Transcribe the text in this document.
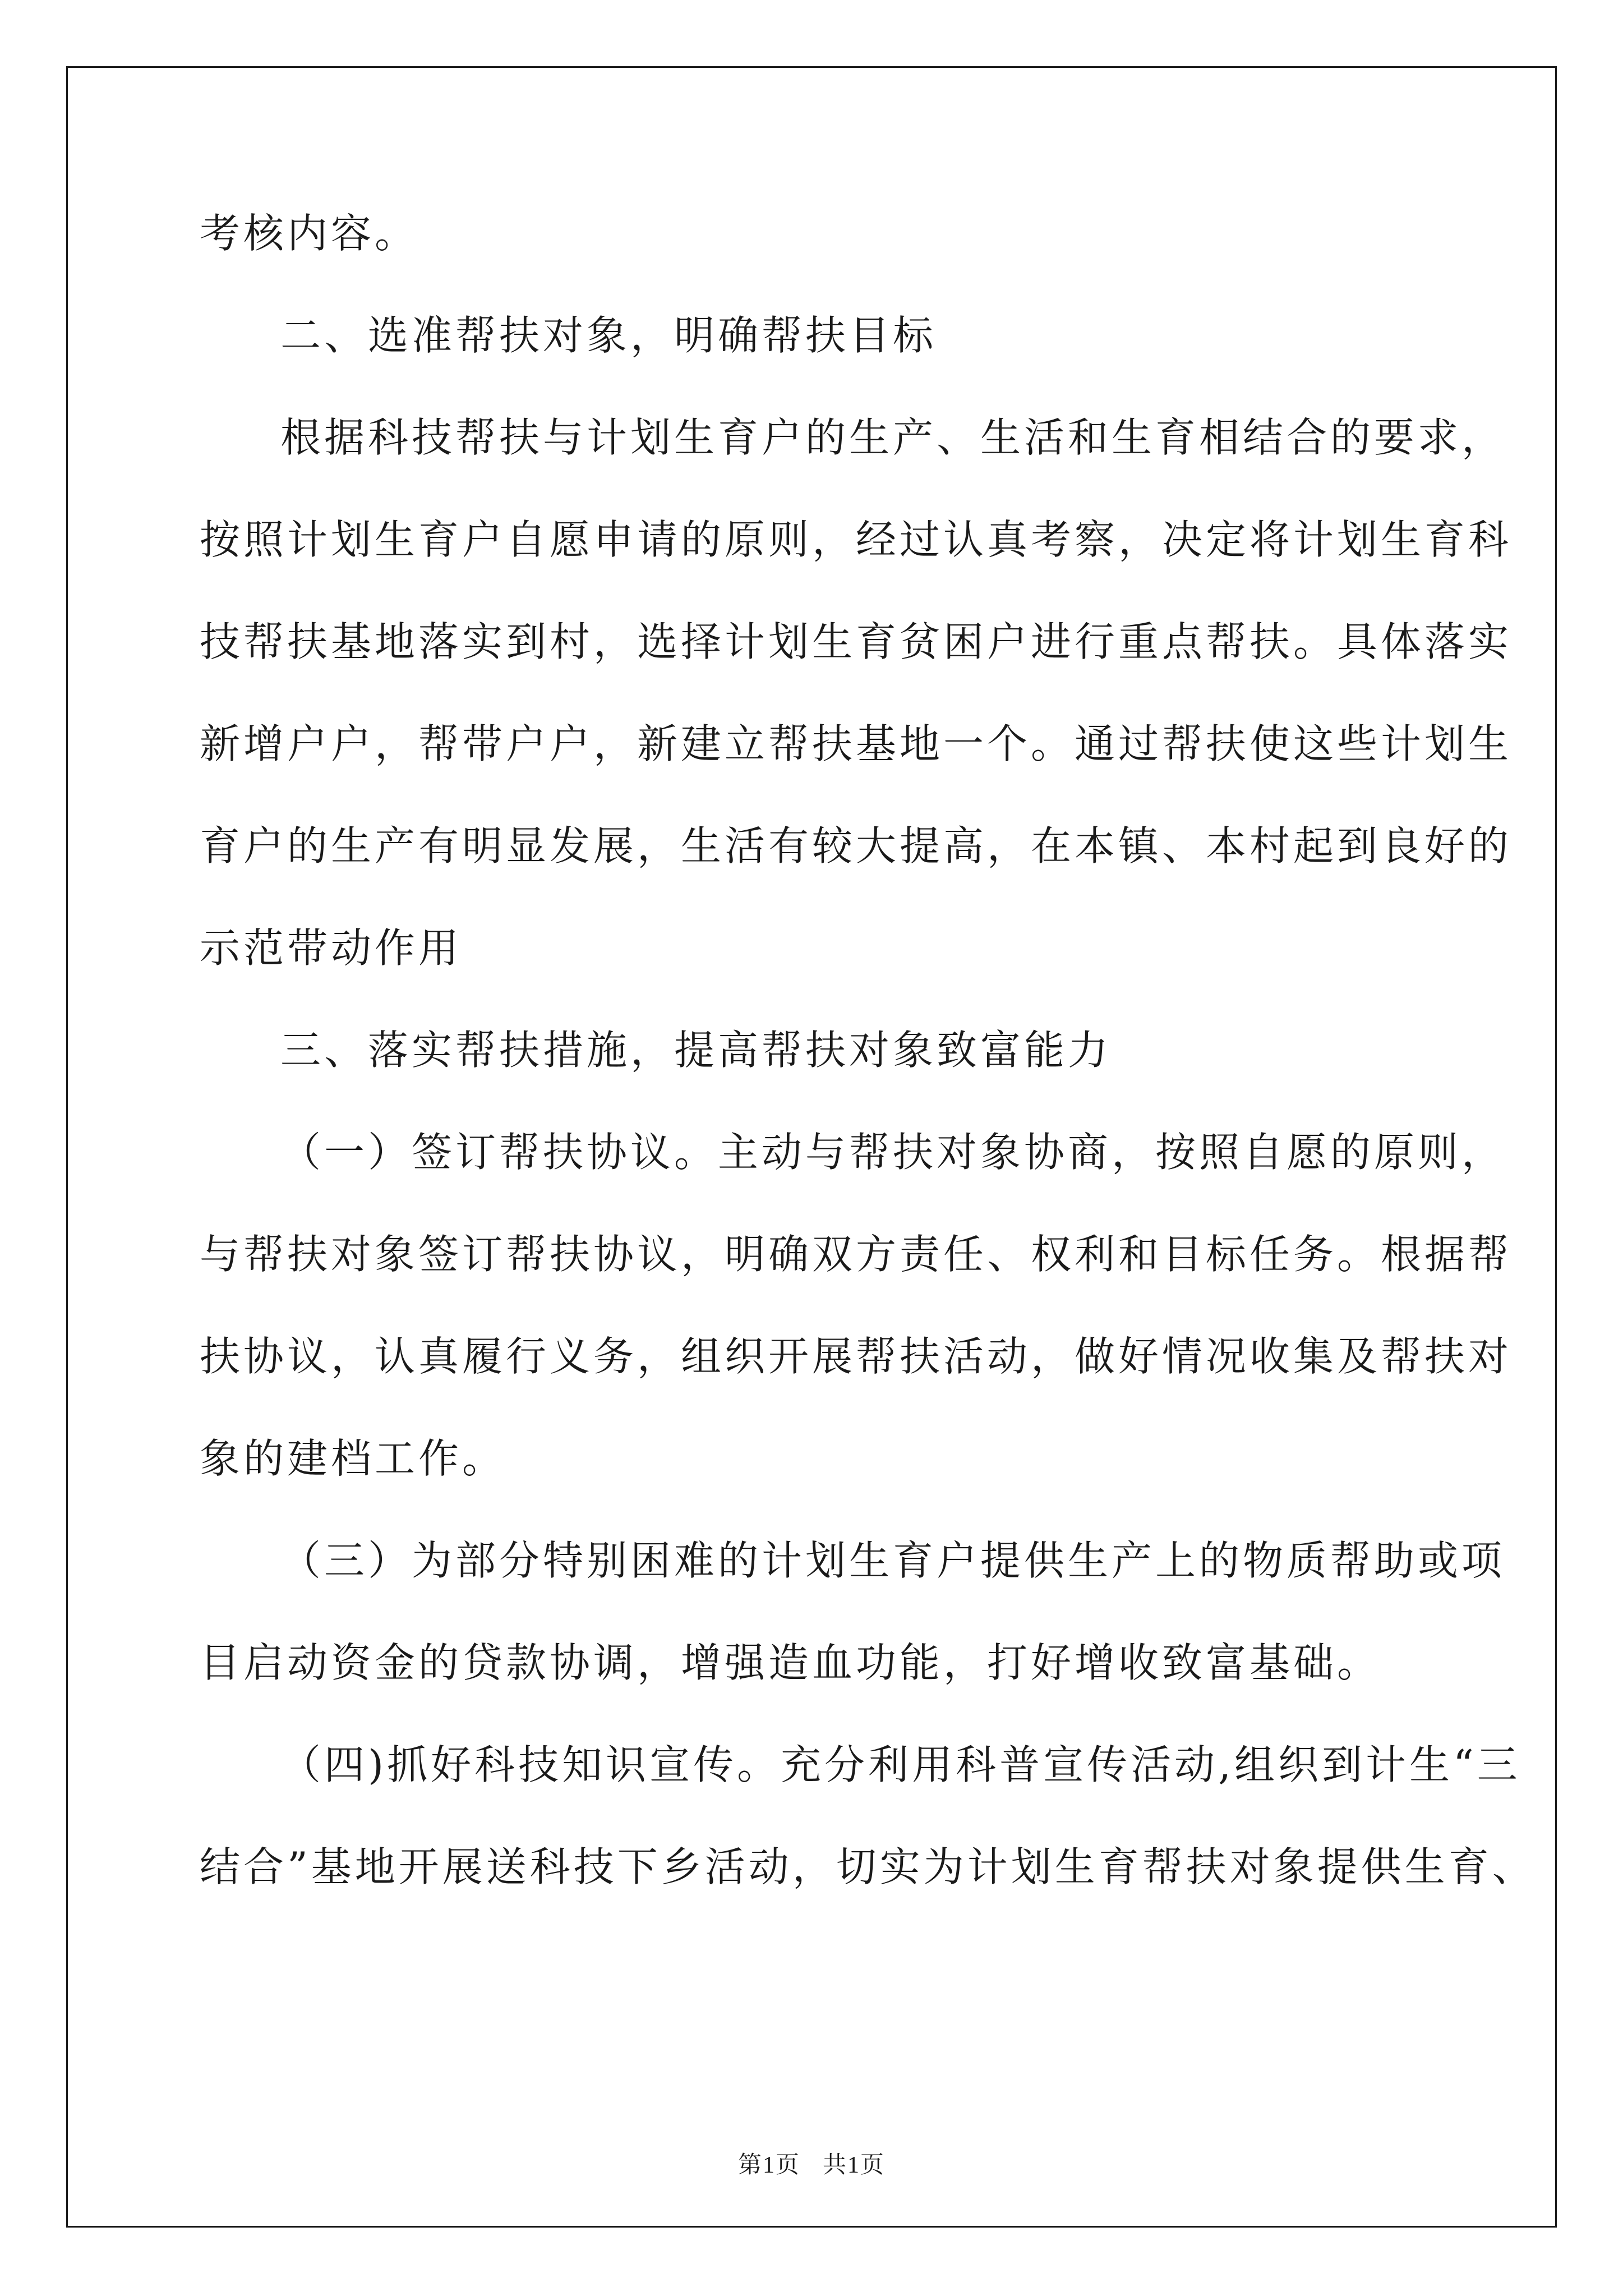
考核内容。
二、选准帮扶对象，明确帮扶目标
根据科技帮扶与计划生育户的生产、生活和生育相结合的要求，
按照计划生育户自愿申请的原则，经过认真考察，决定将计划生育科
技帮扶基地落实到村，选择计划生育贫困户进行重点帮扶。具体落实
新增户户，帮带户户，新建立帮扶基地一个。通过帮扶使这些计划生
育户的生产有明显发展，生活有较大提高，在本镇、本村起到良好的
示范带动作用
三、落实帮扶措施，提高帮扶对象致富能力
（一）签订帮扶协议。主动与帮扶对象协商，按照自愿的原则，
与帮扶对象签订帮扶协议，明确双方责任、权利和目标任务。根据帮
扶协议，认真履行义务，组织开展帮扶活动，做好情况收集及帮扶对
象的建档工作。
（三）为部分特别困难的计划生育户提供生产上的物质帮助或项
目启动资金的贷款协调，增强造血功能，打好增收致富基础。
（四)抓好科技知识宣传。充分利用科普宣传活动,组织到计生“三
结合”基地开展送科技下乡活动，切实为计划生育帮扶对象提供生育、
第1页 共1页
